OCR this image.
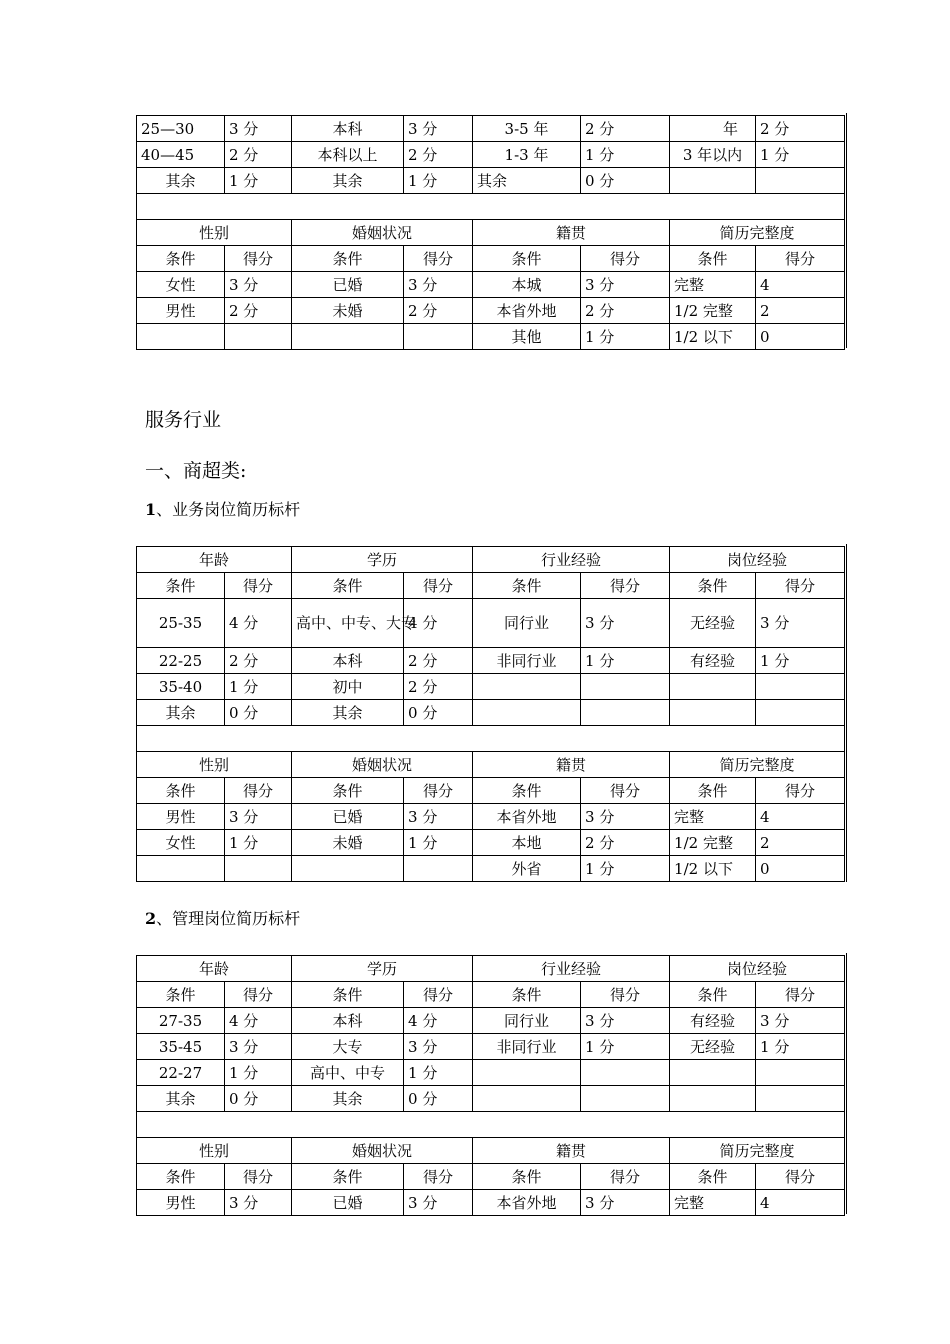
25—30	3 分	本科	3 分	3-5 年	2 分	年	2 分
40—45	2 分	本科以上	2 分	1-3 年	1 分	3 年以内	1 分
其余	1 分	其余	1 分	其余	0 分		

性别		婚姻状况		籍贯		简历完整度	
条件	得分	条件	得分	条件	得分	条件	得分
女性	3 分	已婚	3 分	本城	3 分	完整	4
男性	2 分	未婚	2 分	本省外地	2 分	1/2 完整	2
				其他	1 分	1/2 以下	0
服务行业
一、商超类:
1、业务岗位简历标杆
年龄		学历		行业经验		岗位经验	
条件	得分	条件	得分	条件	得分	条件	得分
25-35	4 分	高中、中专、大专	4 分	同行业	3 分	无经验	3 分
22-25	2 分	本科	2 分	非同行业	1 分	有经验	1 分
35-40	1 分	初中	2 分				
其余	0 分	其余	0 分				

性别		婚姻状况		籍贯		简历完整度	
条件	得分	条件	得分	条件	得分	条件	得分
男性	3 分	已婚	3 分	本省外地	3 分	完整	4
女性	1 分	未婚	1 分	本地	2 分	1/2 完整	2
				外省	1 分	1/2 以下	0
2、管理岗位简历标杆
年龄		学历		行业经验		岗位经验	
条件	得分	条件	得分	条件	得分	条件	得分
27-35	4 分	本科	4 分	同行业	3 分	有经验	3 分
35-45	3 分	大专	3 分	非同行业	1 分	无经验	1 分
22-27	1 分	高中、中专	1 分				
其余	0 分	其余	0 分				

性别		婚姻状况		籍贯		简历完整度	
条件	得分	条件	得分	条件	得分	条件	得分
男性	3 分	已婚	3 分	本省外地	3 分	完整	4
